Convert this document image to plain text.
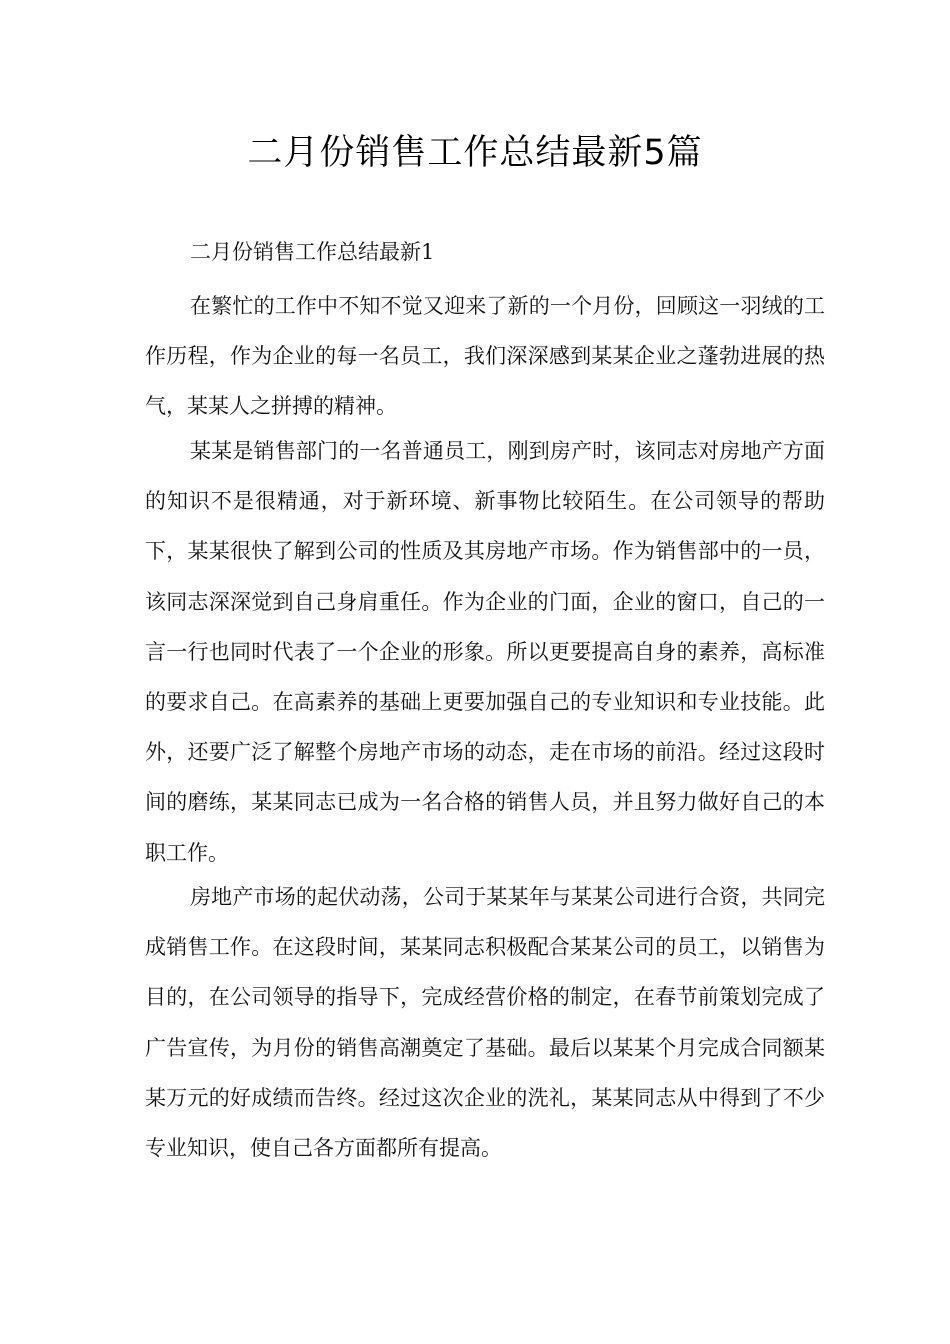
二月份销售工作总结最新5篇
二月份销售工作总结最新1

在繁忙的工作中不知不觉又迎来了新的一个月份，回顾这一羽绒的工作历程，作为企业的每一名员工，我们深深感到某某企业之蓬勃进展的热气，某某人之拼搏的精神。

某某是销售部门的一名普通员工，刚到房产时，该同志对房地产方面的知识不是很精通，对于新环境、新事物比较陌生。在公司领导的帮助下，某某很快了解到公司的性质及其房地产市场。作为销售部中的一员，该同志深深觉到自己身肩重任。作为企业的门面，企业的窗口，自己的一言一行也同时代表了一个企业的形象。所以更要提高自身的素养，高标准的要求自己。在高素养的基础上更要加强自己的专业知识和专业技能。此外，还要广泛了解整个房地产市场的动态，走在市场的前沿。经过这段时间的磨练，某某同志已成为一名合格的销售人员，并且努力做好自己的本职工作。

房地产市场的起伏动荡，公司于某某年与某某公司进行合资，共同完成销售工作。在这段时间，某某同志积极配合某某公司的员工，以销售为目的，在公司领导的指导下，完成经营价格的制定，在春节前策划完成了广告宣传，为月份的销售高潮奠定了基础。最后以某某个月完成合同额某某万元的好成绩而告终。经过这次企业的洗礼，某某同志从中得到了不少专业知识，使自己各方面都所有提高。
